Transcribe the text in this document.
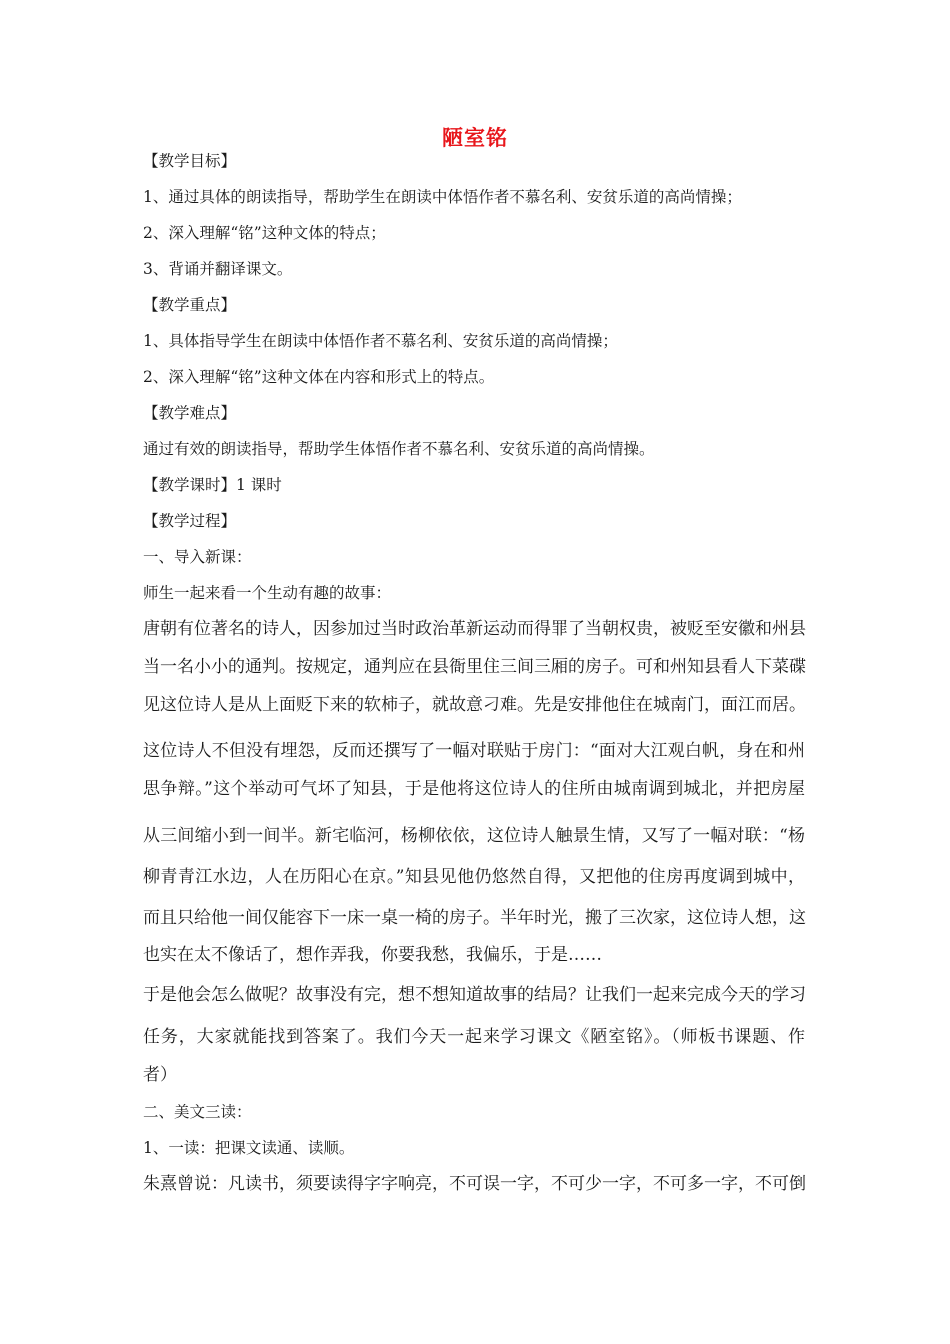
陋室铭
【教学目标】
1、通过具体的朗读指导，帮助学生在朗读中体悟作者不慕名利、安贫乐道的高尚情操；
2、深入理解“铭”这种文体的特点；
3、背诵并翻译课文。
【教学重点】
1、具体指导学生在朗读中体悟作者不慕名利、安贫乐道的高尚情操；
2、深入理解“铭”这种文体在内容和形式上的特点。
【教学难点】
通过有效的朗读指导，帮助学生体悟作者不慕名利、安贫乐道的高尚情操。
【教学课时】1 课时
【教学过程】
一、导入新课：
师生一起来看一个生动有趣的故事：
唐朝有位著名的诗人，因参加过当时政治革新运动而得罪了当朝权贵，被贬至安徽和州县
当一名小小的通判。按规定，通判应在县衙里住三间三厢的房子。可和州知县看人下菜碟
见这位诗人是从上面贬下来的软柿子，就故意刁难。先是安排他住在城南门，面江而居。
这位诗人不但没有埋怨，反而还撰写了一幅对联贴于房门：“面对大江观白帆，身在和州
思争辩。”这个举动可气坏了知县，于是他将这位诗人的住所由城南调到城北，并把房屋
从三间缩小到一间半。新宅临河，杨柳依依，这位诗人触景生情，又写了一幅对联：“杨
柳青青江水边，人在历阳心在京。”知县见他仍悠然自得，又把他的住房再度调到城中，
而且只给他一间仅能容下一床一桌一椅的房子。半年时光，搬了三次家，这位诗人想，这
也实在太不像话了，想作弄我，你要我愁，我偏乐，于是……
于是他会怎么做呢？故事没有完，想不想知道故事的结局？让我们一起来完成今天的学习
任务，大家就能找到答案了。我们今天一起来学习课文《陋室铭》。（师板书课题、作
者）
二、美文三读：
1、一读：把课文读通、读顺。
朱熹曾说：凡读书，须要读得字字响亮，不可误一字，不可少一字，不可多一字，不可倒
